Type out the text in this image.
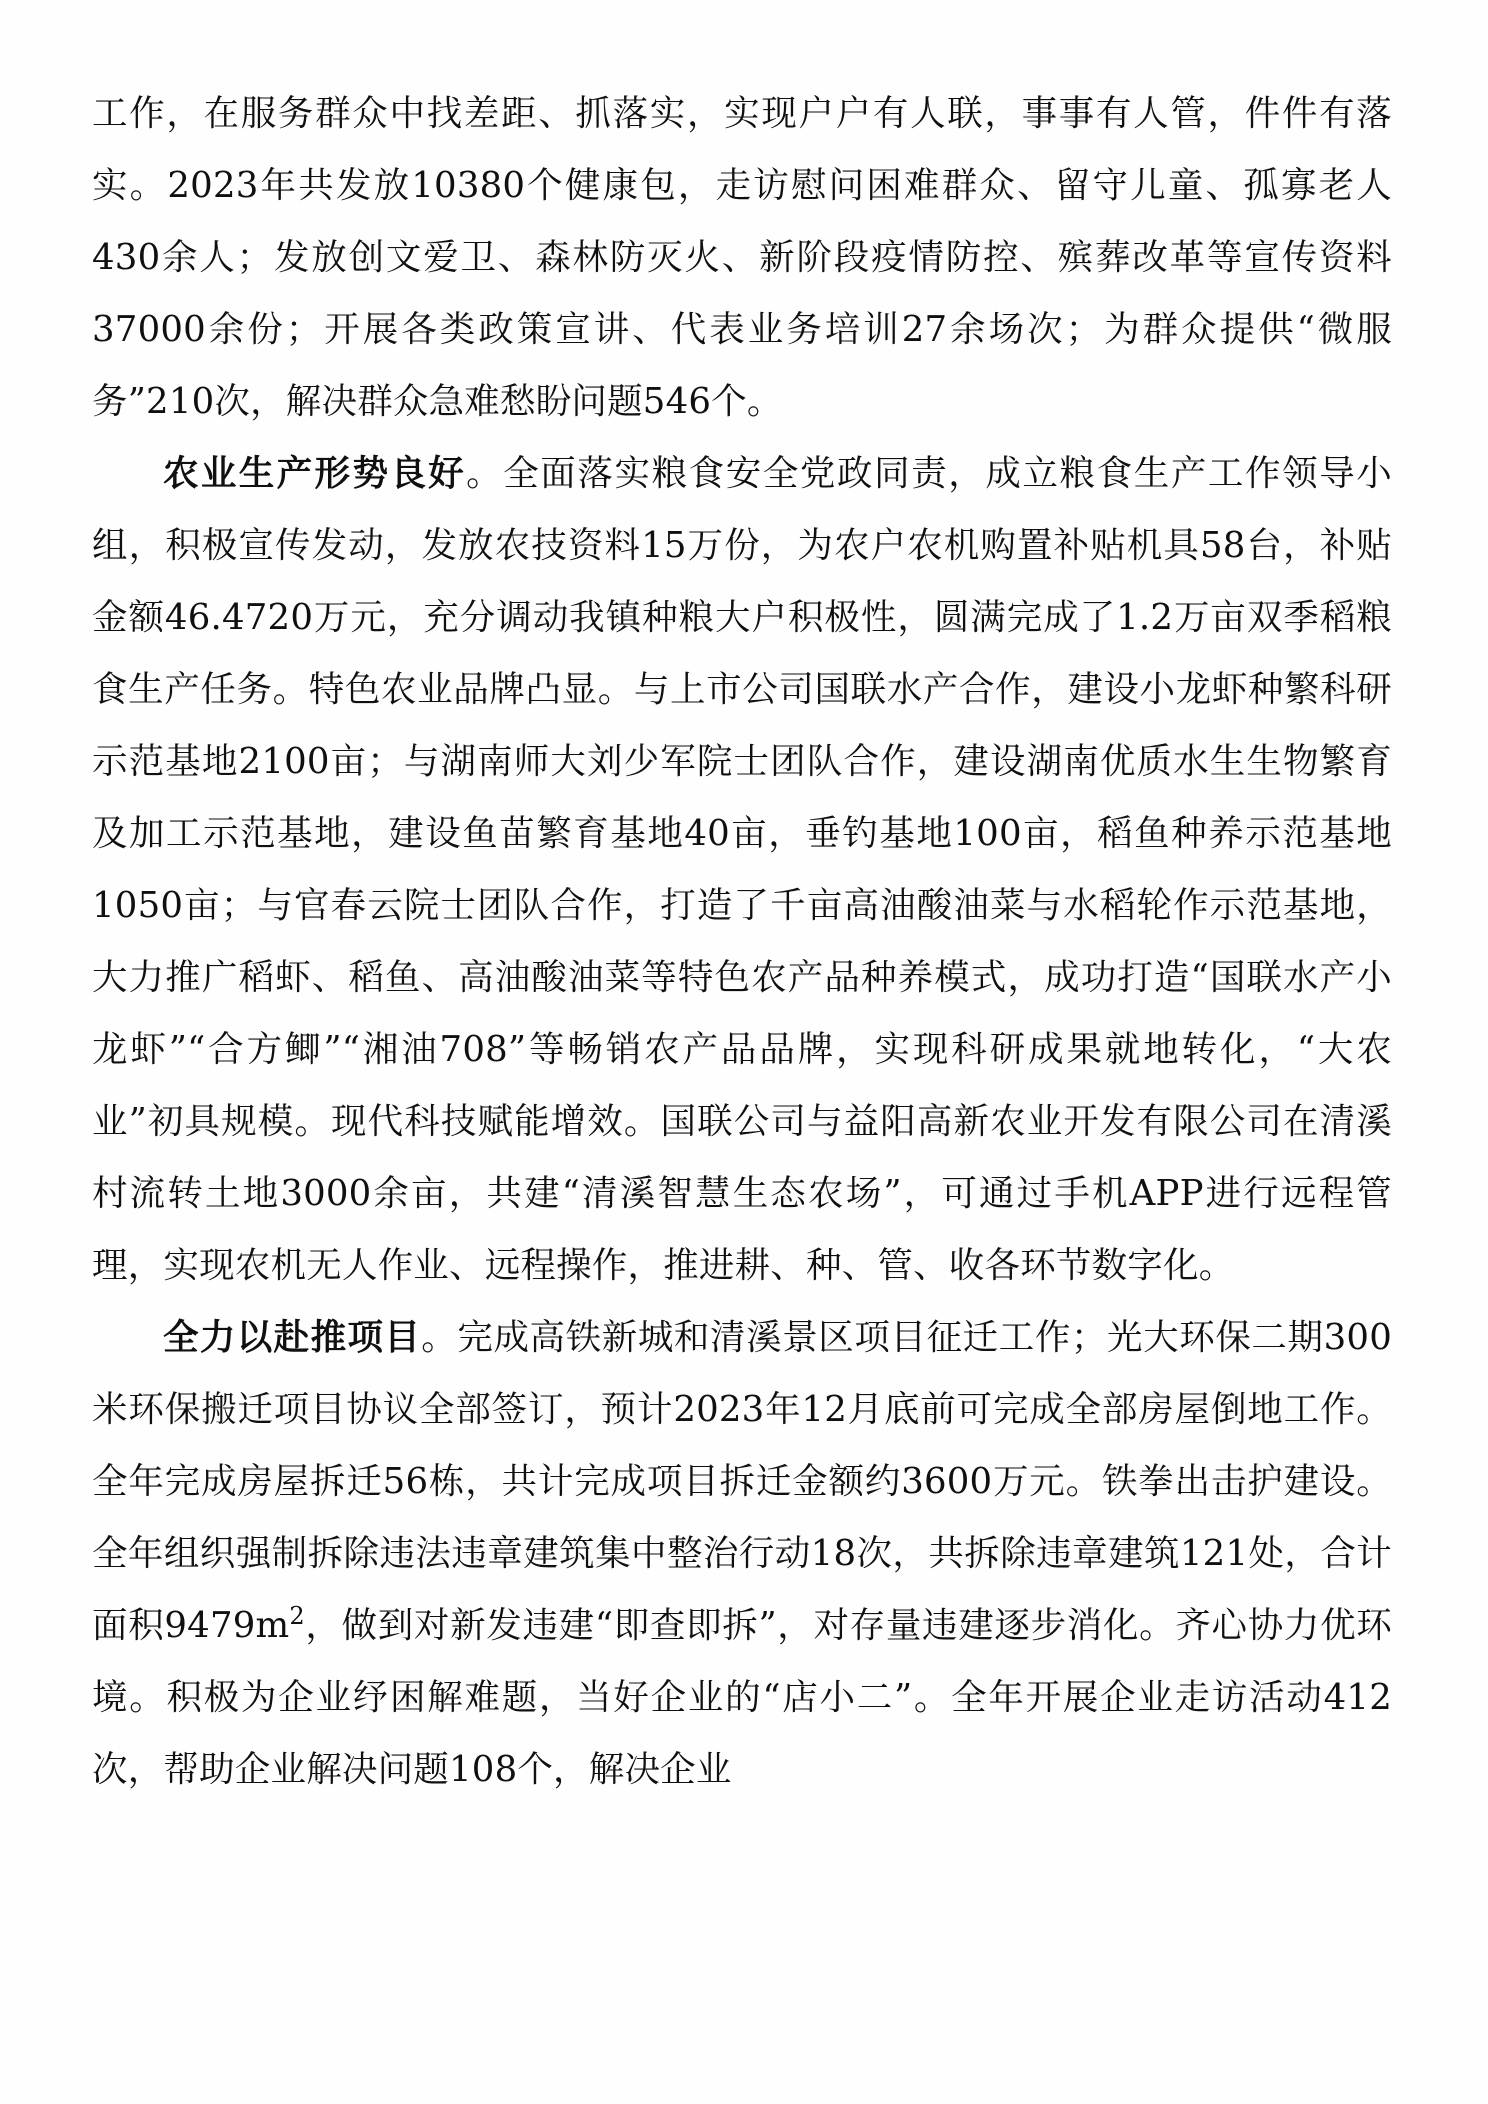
工作，在服务群众中找差距、抓落实，实现户户有人联，事事有人管，件件有落实。2023年共发放10380个健康包，走访慰问困难群众、留守儿童、孤寡老人430余人；发放创文爱卫、森林防灭火、新阶段疫情防控、殡葬改革等宣传资料37000余份；开展各类政策宣讲、代表业务培训27余场次；为群众提供“微服务”210次，解决群众急难愁盼问题546个。

农业生产形势良好。全面落实粮食安全党政同责，成立粮食生产工作领导小组，积极宣传发动，发放农技资料15万份，为农户农机购置补贴机具58台，补贴金额46.4720万元，充分调动我镇种粮大户积极性，圆满完成了1.2万亩双季稻粮食生产任务。特色农业品牌凸显。与上市公司国联水产合作，建设小龙虾种繁科研示范基地2100亩；与湖南师大刘少军院士团队合作，建设湖南优质水生生物繁育及加工示范基地，建设鱼苗繁育基地40亩，垂钓基地100亩，稻鱼种养示范基地1050亩；与官春云院士团队合作，打造了千亩高油酸油菜与水稻轮作示范基地，大力推广稻虾、稻鱼、高油酸油菜等特色农产品种养模式，成功打造“国联水产小龙虾”“合方鲫”“湘油708”等畅销农产品品牌，实现科研成果就地转化，“大农业”初具规模。现代科技赋能增效。国联公司与益阳高新农业开发有限公司在清溪村流转土地3000余亩，共建“清溪智慧生态农场”，可通过手机APP进行远程管理，实现农机无人作业、远程操作，推进耕、种、管、收各环节数字化。

全力以赴推项目。完成高铁新城和清溪景区项目征迁工作；光大环保二期300米环保搬迁项目协议全部签订，预计2023年12月底前可完成全部房屋倒地工作。全年完成房屋拆迁56栋，共计完成项目拆迁金额约3600万元。铁拳出击护建设。全年组织强制拆除违法违章建筑集中整治行动18次，共拆除违章建筑121处，合计面积$9479m^2$，做到对新发违建“即查即拆”，对存量违建逐步消化。齐心协力优环境。积极为企业纾困解难题，当好企业的“店小二”。全年开展企业走访活动412次，帮助企业解决问题108个，解决企业
